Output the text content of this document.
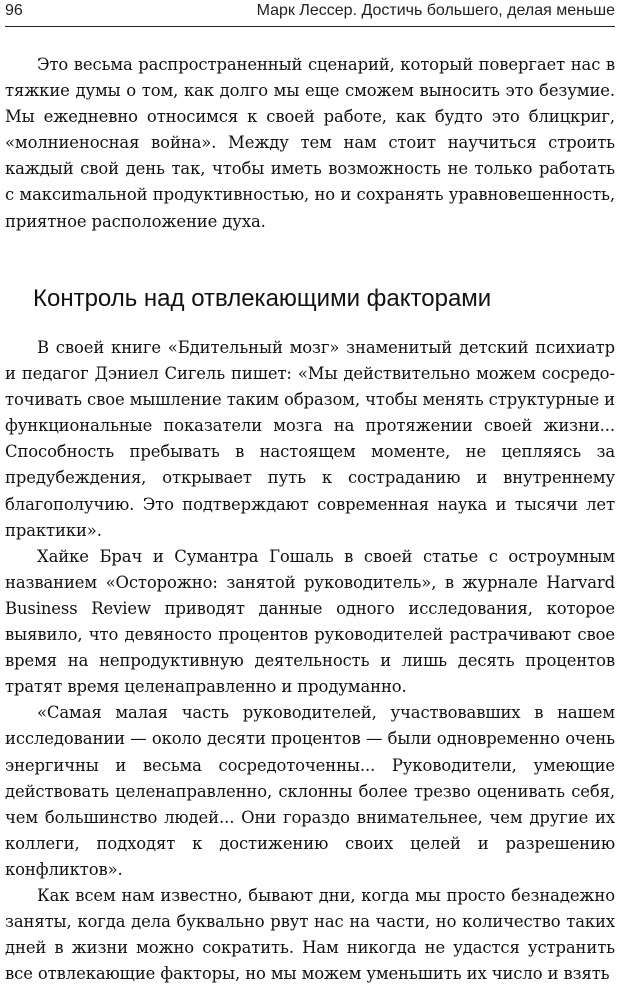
96	Марк Лессер. Достичь большего, делая меньше

Это весьма распространенный сценарий, который повергает нас в тяжкие думы о том, как долго мы еще сможем выносить это безумие. Мы ежедневно относимся к своей работе, как будто это блицкриг, «молниеносная война». Между тем нам стоит научиться строить каждый свой день так, чтобы иметь возможность не только работать с максиmальной продуктивностью, но и сохранять уравновешенность, приятное расположение духа.

Контроль над отвлекающими факторами

В своей книге «Бдительный мозг» знаменитый детский психиатр и педагог Дэниел Сигель пишет: «Мы действительно можем сосредоточивать свое мышление таким образом, чтобы менять структурные и функциональные показатели мозга на протяжении своей жизни... Способность пребывать в настоящем моменте, не цепляясь за предубеждения, открывает путь к состраданию и внутреннему благополучию. Это подтверждают современная наука и тысячи лет практики».

Хайке Брач и Сумантра Гошаль в своей статье с остроумным названием «Осторожно: занятой руководитель», в журнале Harvard Business Review приводят данные одного исследования, которое выявило, что девяносто процентов руководителей растрачивают свое время на непродуктивную деятельность и лишь десять процентов тратят время целенаправленно и продуманно.

«Самая малая часть руководителей, участвовавших в нашем исследовании — около десяти процентов — были одновременно очень энергичны и весьма сосредоточенны... Руководители, умеющие действовать целенаправленно, склонны более трезво оценивать себя, чем большинство людей... Они гораздо внимательнее, чем другие их коллеги, подходят к достижению своих целей и разрешению конфликтов».

Как всем нам известно, бывают дни, когда мы просто безнадежно заняты, когда дела буквально рвут нас на части, но количество таких дней в жизни можно сократить. Нам никогда не удастся устранить все отвлекающие факторы, но мы можем уменьшить их число и взять
